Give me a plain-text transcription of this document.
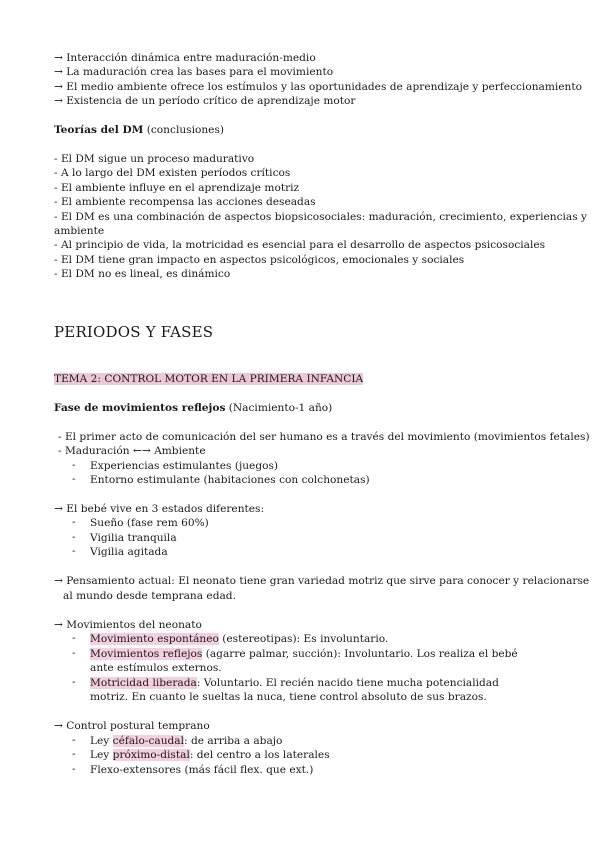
→ Interacción dinámica entre maduración-medio
→ La maduración crea las bases para el movimiento
→ El medio ambiente ofrece los estímulos y las oportunidades de aprendizaje y perfeccionamiento
→ Existencia de un período crítico de aprendizaje motor
Teorías del DM (conclusiones)
- El DM sigue un proceso madurativo
- A lo largo del DM existen períodos críticos
- El ambiente influye en el aprendizaje motriz
- El ambiente recompensa las acciones deseadas
- El DM es una combinación de aspectos biopsicosociales: maduración, crecimiento, experiencias y
ambiente
- Al principio de vida, la motricidad es esencial para el desarrollo de aspectos psicosociales
- El DM tiene gran impacto en aspectos psicológicos, emocionales y sociales
- El DM no es lineal, es dinámico
PERIODOS Y FASES
TEMA 2: CONTROL MOTOR EN LA PRIMERA INFANCIA
Fase de movimientos reflejos (Nacimiento-1 año)
- El primer acto de comunicación del ser humano es a través del movimiento (movimientos fetales)
- Maduración ←→ Ambiente
-	Experiencias estimulantes (juegos)
-	Entorno estimulante (habitaciones con colchonetas)
→ El bebé vive en 3 estados diferentes:
-	Sueño (fase rem 60%)
-	Vigilia tranquila
-	Vigilia agitada
→ Pensamiento actual: El neonato tiene gran variedad motriz que sirve para conocer y relacionarse
al mundo desde temprana edad.
→ Movimientos del neonato
-	Movimiento espontáneo (estereotipas): Es involuntario.
-	Movimientos reflejos (agarre palmar, succión): Involuntario. Los realiza el bebé ante estímulos externos.
-	Motricidad liberada: Voluntario. El recién nacido tiene mucha potencialidad motriz. En cuanto le sueltas la nuca, tiene control absoluto de sus brazos.
→ Control postural temprano
-	Ley céfalo-caudal: de arriba a abajo
-	Ley próximo-distal: del centro a los laterales
-	Flexo-extensores (más fácil flex. que ext.)
